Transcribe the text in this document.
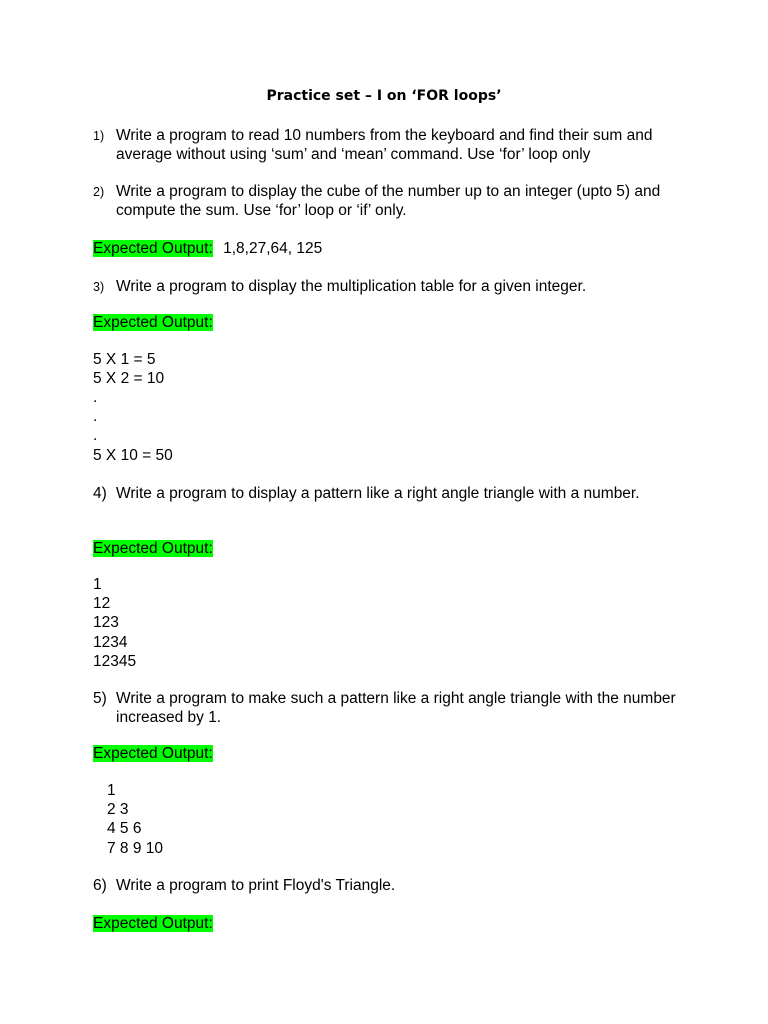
Practice set – I on ‘FOR loops’
1) Write a program to read 10 numbers from the keyboard and find their sum and average without using ‘sum’ and ‘mean’ command. Use ‘for’ loop only
2) Write a program to display the cube of the number up to an integer (upto 5) and compute the sum. Use ‘for’ loop or ‘if’ only.
Expected Output: 1,8,27,64, 125
3) Write a program to display the multiplication table for a given integer.
Expected Output:
5 X 1 = 5
5 X 2 = 10
.
.
.
5 X 10 = 50
4) Write a program to display a pattern like a right angle triangle with a number.
Expected Output:
1
12
123
1234
12345
5) Write a program to make such a pattern like a right angle triangle with the number increased by 1.
Expected Output:
1
2 3
4 5 6
7 8 9 10
6) Write a program to print Floyd's Triangle.
Expected Output:
